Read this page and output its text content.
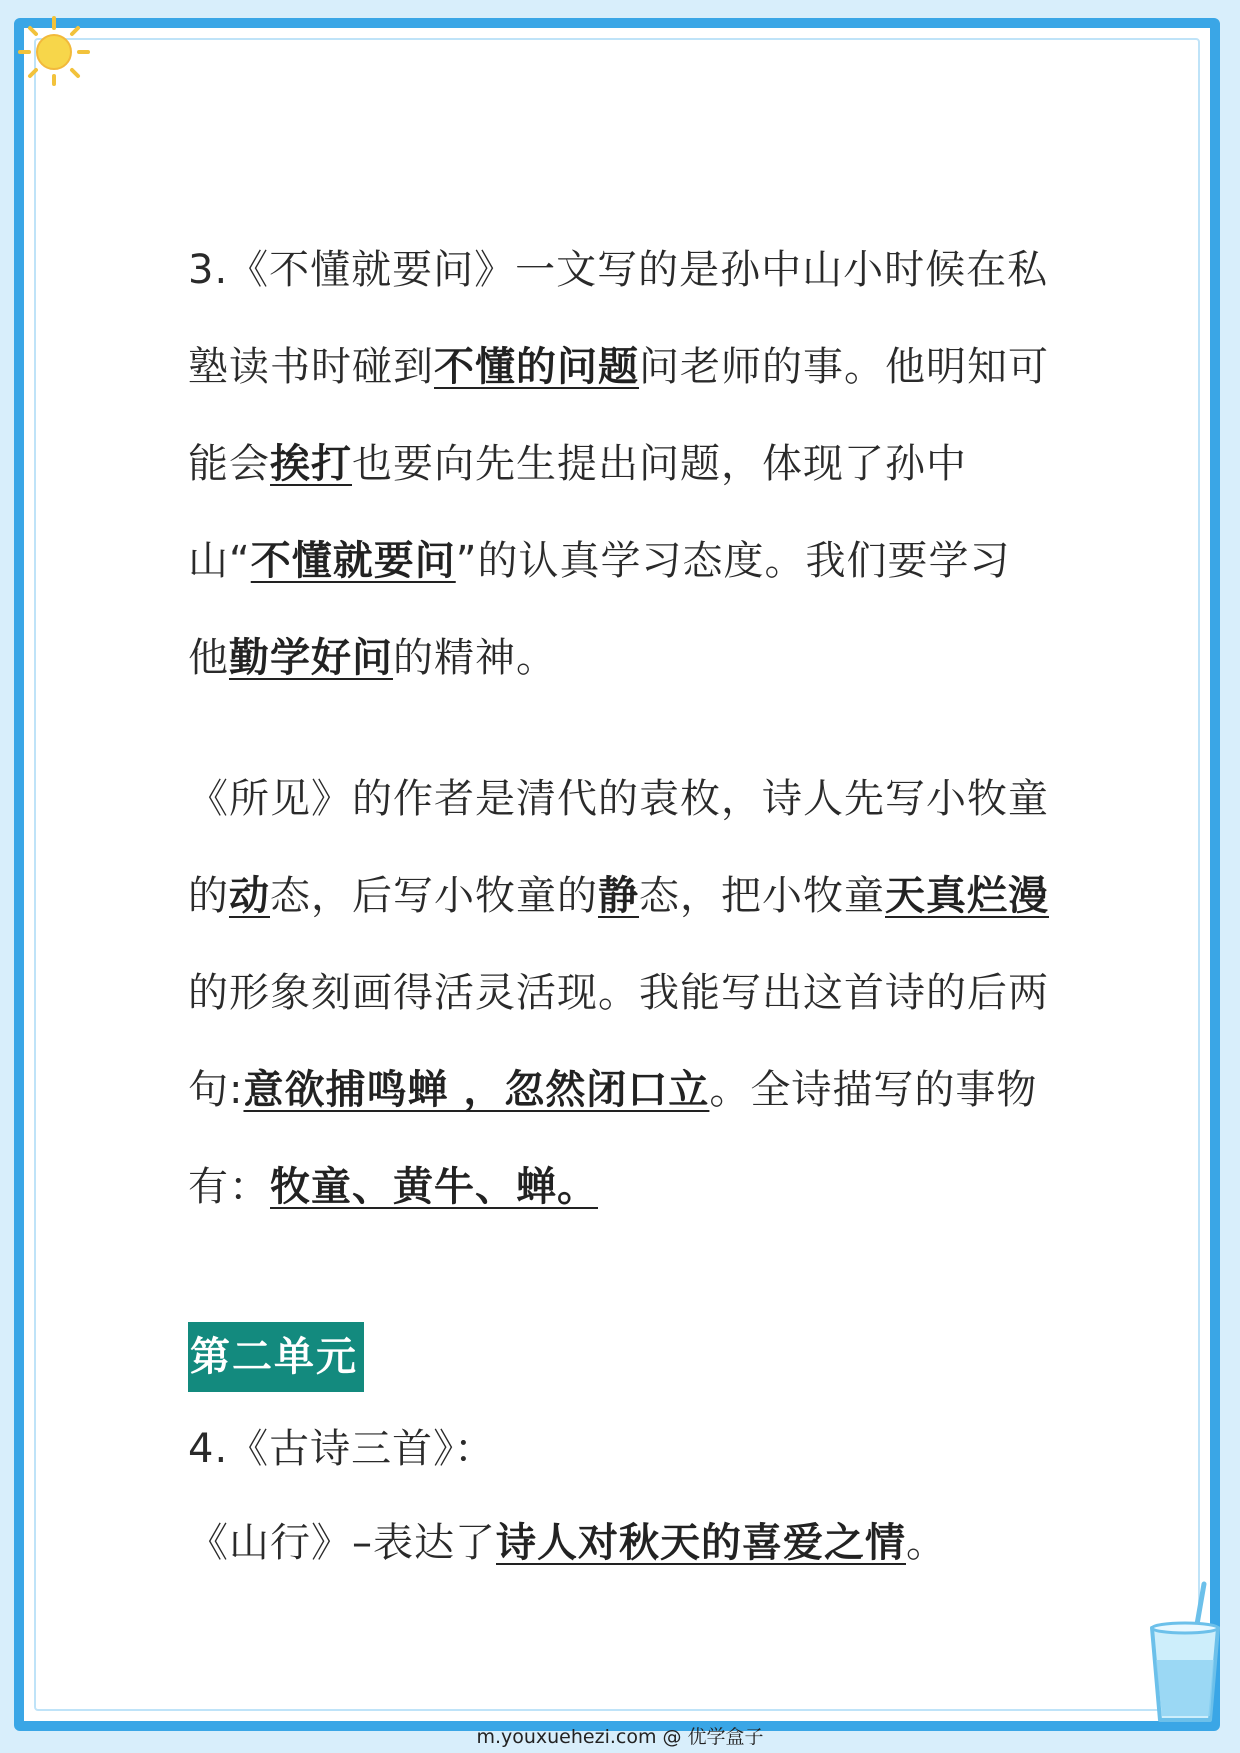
3.《不懂就要问》一文写的是孙中山小时候在私塾读书时碰到不懂的问题问老师的事。他明知可能会挨打也要向先生提出问题，体现了孙中山“不懂就要问”的认真学习态度。我们要学习他勤学好问的精神。

《所见》的作者是清代的袁枚，诗人先写小牧童的动态，后写小牧童的静态，把小牧童天真烂漫的形象刻画得活灵活现。我能写出这首诗的后两句:意欲捕鸣蝉 ，忽然闭口立。全诗描写的事物有：牧童、黄牛、蝉。

第二单元

4.《古诗三首》：

《山行》–表达了诗人对秋天的喜爱之情。

m.youxuehezi.com @ 优学盒子
